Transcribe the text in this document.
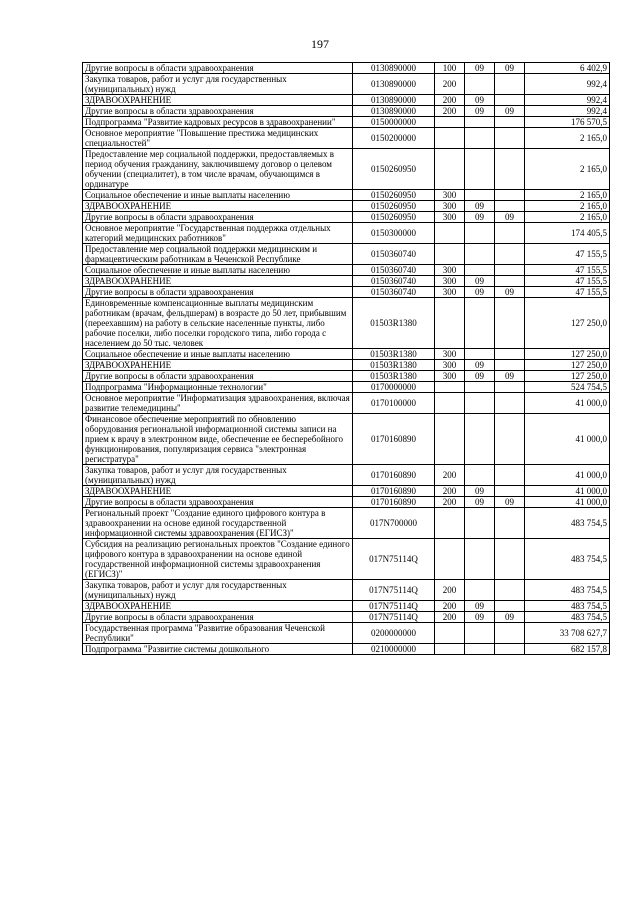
197
Другие вопросы в области здравоохранения	0130890000	100	09	09	6 402,9
Закупка товаров, работ и услуг для государственных (муниципальных) нужд	0130890000	200			992,4
ЗДРАВООХРАНЕНИЕ	0130890000	200	09		992,4
Другие вопросы в области здравоохранения	0130890000	200	09	09	992,4
Подпрограмма "Развитие кадровых ресурсов в здравоохранении"	0150000000				176 570,5
Основное мероприятие "Повышение престижа медицинских специальностей"	0150200000				2 165,0
Предоставление мер социальной поддержки, предоставляемых в период обучения гражданину, заключившему договор о целевом обучении (специалитет), в том числе врачам, обучающимся в ординатуре	0150260950				2 165,0
Социальное обеспечение и иные выплаты населению	0150260950	300			2 165,0
ЗДРАВООХРАНЕНИЕ	0150260950	300	09		2 165,0
Другие вопросы в области здравоохранения	0150260950	300	09	09	2 165,0
Основное мероприятие "Государственная поддержка отдельных категорий медицинских работников"	0150300000				174 405,5
Предоставление мер социальной поддержки медицинским и фармацевтическим работникам в Чеченской Республике	0150360740				47 155,5
Социальное обеспечение и иные выплаты населению	0150360740	300			47 155,5
ЗДРАВООХРАНЕНИЕ	0150360740	300	09		47 155,5
Другие вопросы в области здравоохранения	0150360740	300	09	09	47 155,5
Единовременные компенсационные выплаты медицинским работникам (врачам, фельдшерам) в возрасте до 50 лет, прибывшим (переехавшим) на работу в сельские населенные пункты, либо рабочие поселки, либо поселки городского типа, либо города с населением до 50 тыс. человек	01503R1380				127 250,0
Социальное обеспечение и иные выплаты населению	01503R1380	300			127 250,0
ЗДРАВООХРАНЕНИЕ	01503R1380	300	09		127 250,0
Другие вопросы в области здравоохранения	01503R1380	300	09	09	127 250,0
Подпрограмма "Информационные технологии"	0170000000				524 754,5
Основное мероприятие "Информатизация здравоохранения, включая развитие телемедицины"	0170100000				41 000,0
Финансовое обеспечение мероприятий по обновлению оборудования региональной информационной системы записи на прием к врачу в электронном виде, обеспечение ее бесперебойного функционирования, популяризация сервиса "электронная регистратура"	0170160890				41 000,0
Закупка товаров, работ и услуг для государственных (муниципальных) нужд	0170160890	200			41 000,0
ЗДРАВООХРАНЕНИЕ	0170160890	200	09		41 000,0
Другие вопросы в области здравоохранения	0170160890	200	09	09	41 000,0
Региональный проект "Создание единого цифрового контура в здравоохранении на основе единой государственной информационной системы здравоохранения (ЕГИСЗ)"	017N700000				483 754,5
Субсидия на реализацию региональных проектов "Создание единого цифрового контура в здравоохранении на основе единой государственной информационной системы здравоохранения (ЕГИСЗ)"	017N75114Q				483 754,5
Закупка товаров, работ и услуг для государственных (муниципальных) нужд	017N75114Q	200			483 754,5
ЗДРАВООХРАНЕНИЕ	017N75114Q	200	09		483 754,5
Другие вопросы в области здравоохранения	017N75114Q	200	09	09	483 754,5
Государственная программа "Развитие образования Чеченской Республики"	0200000000				33 708 627,7
Подпрограмма "Развитие системы дошкольного	0210000000				682 157,8
